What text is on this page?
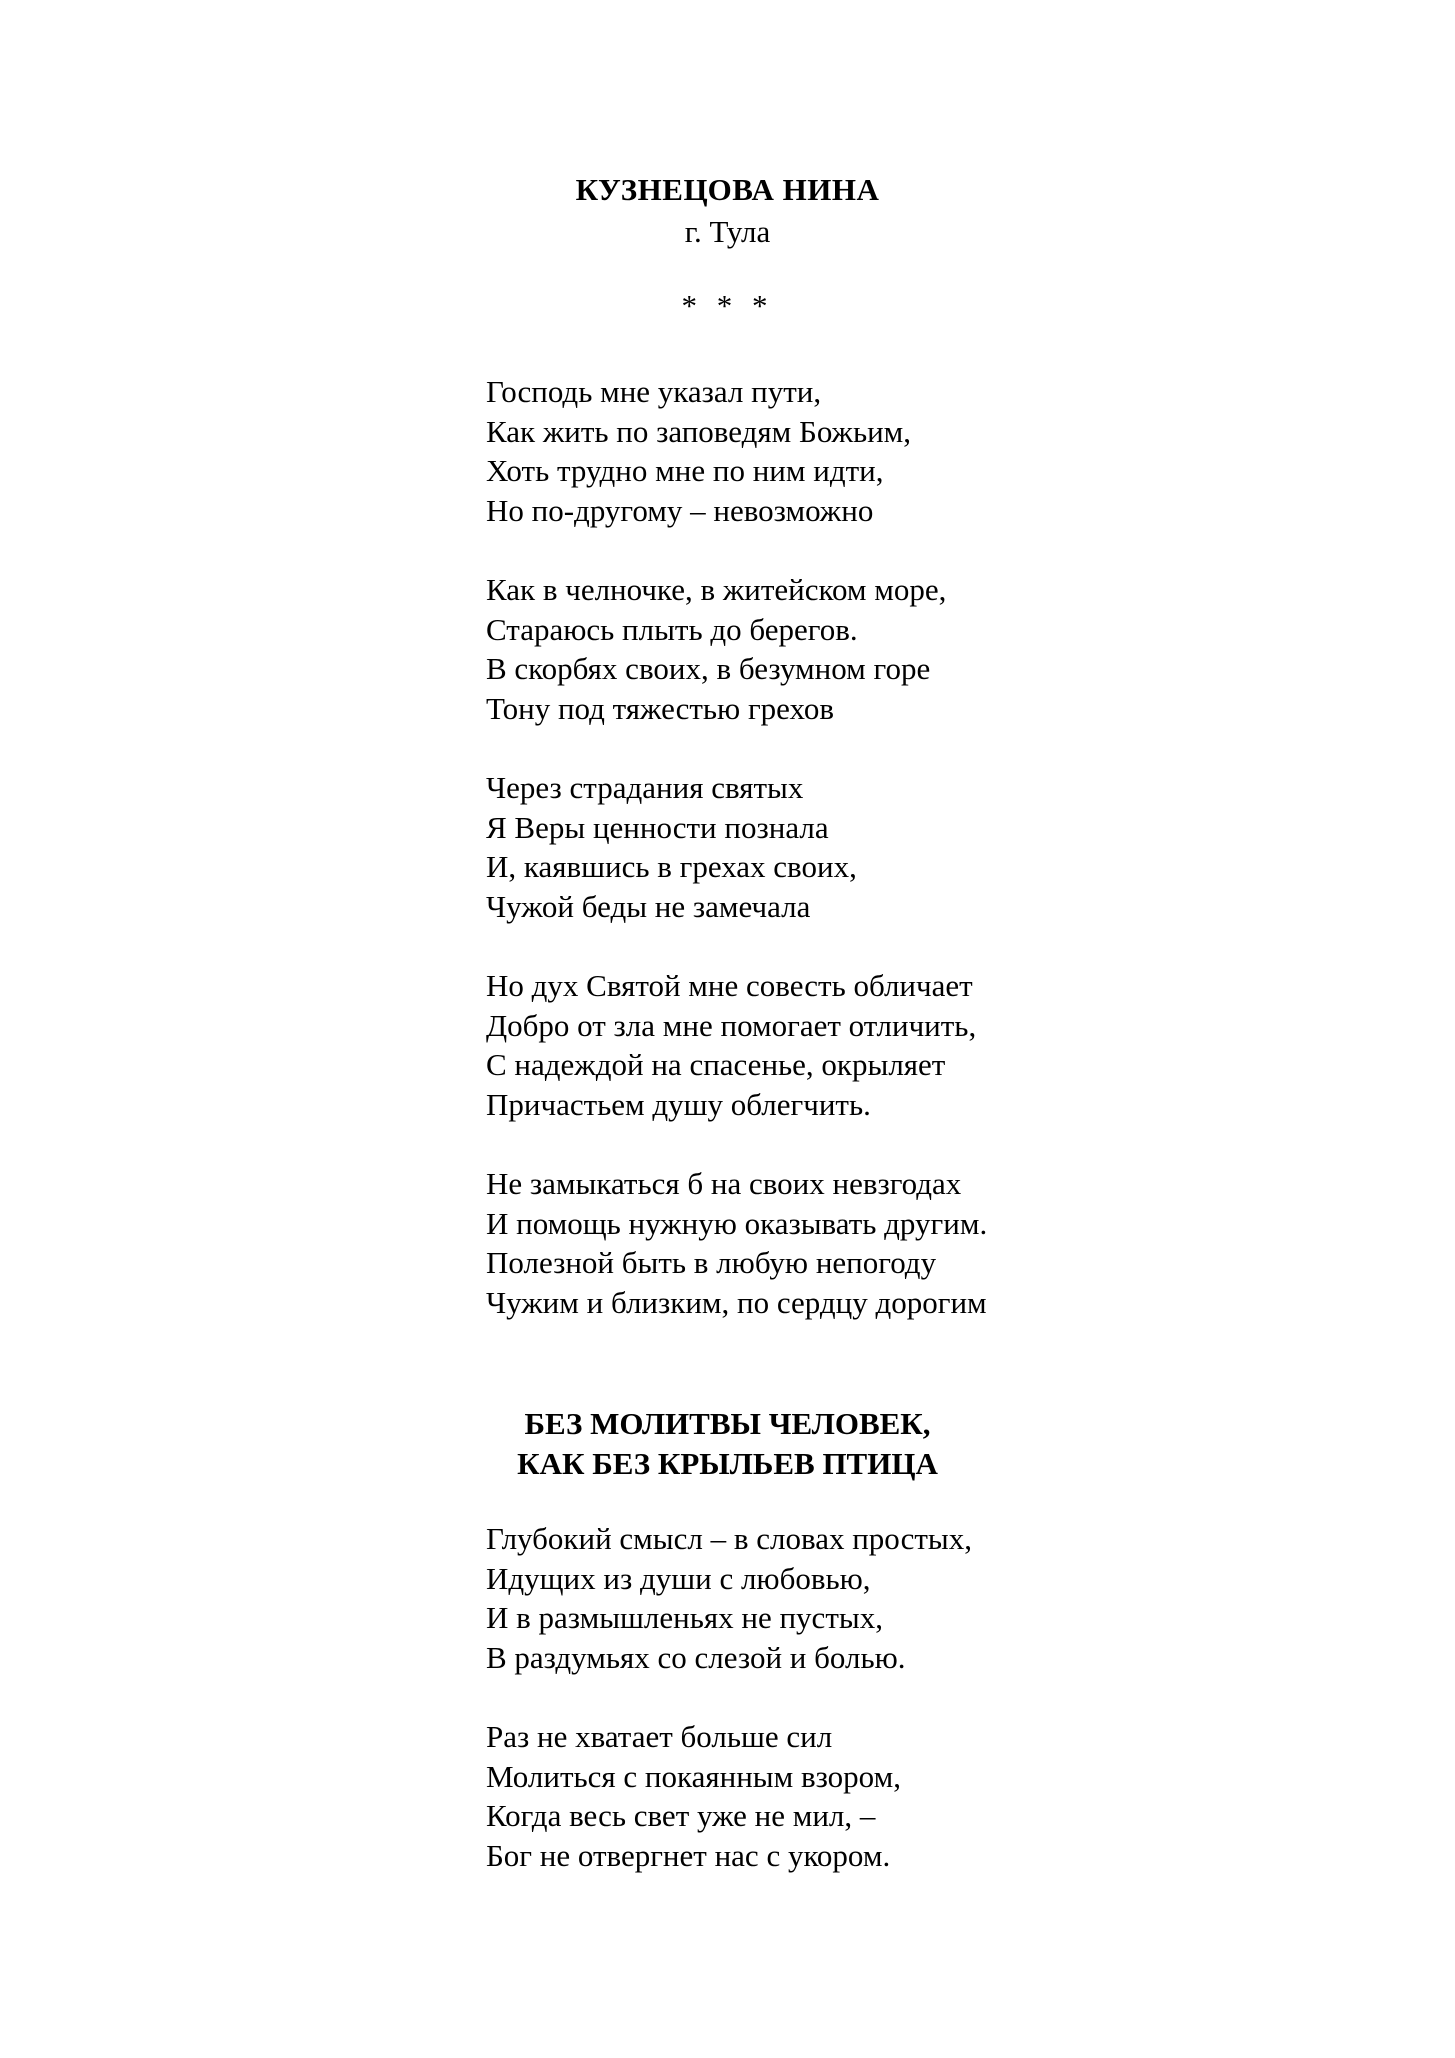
КУЗНЕЦОВА НИНА
г. Тула
* * *
Господь мне указал пути,
Как жить по заповедям Божьим,
Хоть трудно мне по ним идти,
Но по-другому – невозможно
Как в челночке, в житейском море,
Стараюсь плыть до берегов.
В скорбях своих, в безумном горе
Тону под тяжестью грехов
Через страдания святых
Я Веры ценности познала
И, каявшись в грехах своих,
Чужой беды не замечала
Но дух Святой мне совесть обличает
Добро от зла мне помогает отличить,
С надеждой на спасенье, окрыляет
Причастьем душу облегчить.
Не замыкаться б на своих невзгодах
И помощь нужную оказывать другим.
Полезной быть в любую непогоду
Чужим и близким, по сердцу дорогим
БЕЗ МОЛИТВЫ ЧЕЛОВЕК,
КАК БЕЗ КРЫЛЬЕВ ПТИЦА
Глубокий смысл – в словах простых,
Идущих из души с любовью,
И в размышленьях не пустых,
В раздумьях со слезой и болью.
Раз не хватает больше сил
Молиться с покаянным взором,
Когда весь свет уже не мил, –
Бог не отвергнет нас с укором.
